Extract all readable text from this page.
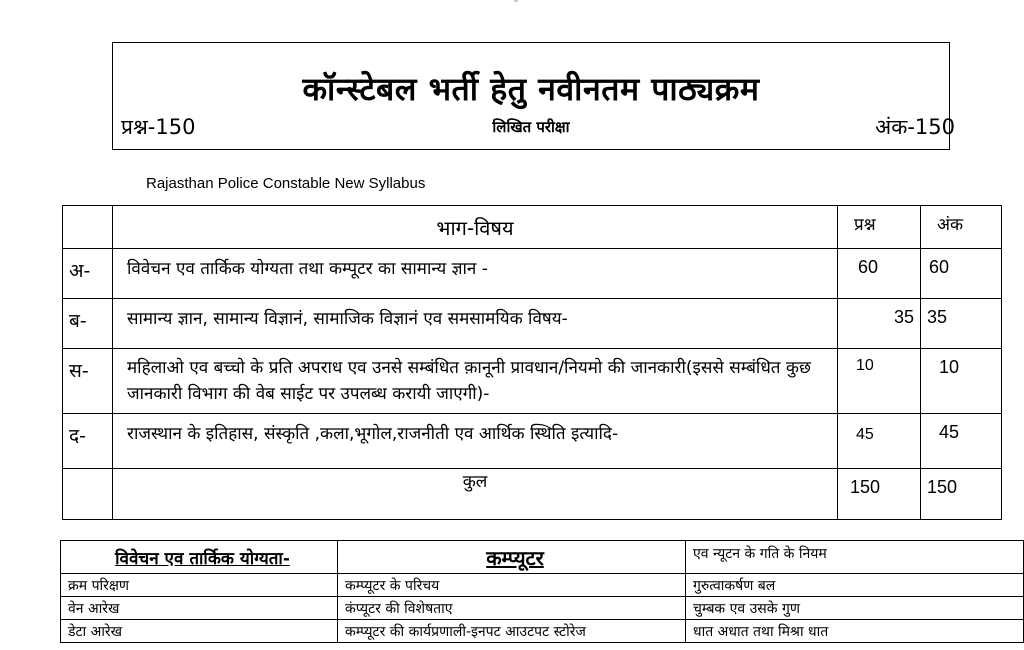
कॉन्स्टेबल भर्ती हेतु नवीनतम पाठ्यक्रम
प्रश्न-150	लिखित परीक्षा	अंक-150
Rajasthan Police Constable New Syllabus
	भाग-विषय	प्रश्न	अंक
अ-	विवेचन एव तार्किक योग्यता तथा कम्पूटर का सामान्य ज्ञान -	60	60
ब-	सामान्य ज्ञान, सामान्य विज्ञानं, सामाजिक विज्ञानं एव समसामयिक विषय-	35	35
स-	महिलाओ एव बच्चो के प्रति अपराध एव उनसे सम्बंधित क़ानूनी प्रावधान/नियमो की जानकारी(इससे सम्बंधित कुछ जानकारी विभाग की वेब साईट पर उपलब्ध करायी जाएगी)-	10	10
द-	राजस्थान के इतिहास, संस्कृति ,कला,भूगोल,राजनीती एव आर्थिक स्थिति इत्यादि-	45	45
	कुल	150	150
विवेचन एव तार्किक योग्यता-	कम्प्यूटर	एव न्यूटन के गति के नियम
क्रम परिक्षण	कम्प्यूटर के परिचय	गुरुत्वाकर्षण बल
वेन आरेख	कंप्यूटर की विशेषताए	चुम्बक एव उसके गुण
डेटा आरेख	कम्प्यूटर की कार्यप्रणाली-इनपट आउटपट स्टोरेज	धात अधात तथा मिश्रा धात
